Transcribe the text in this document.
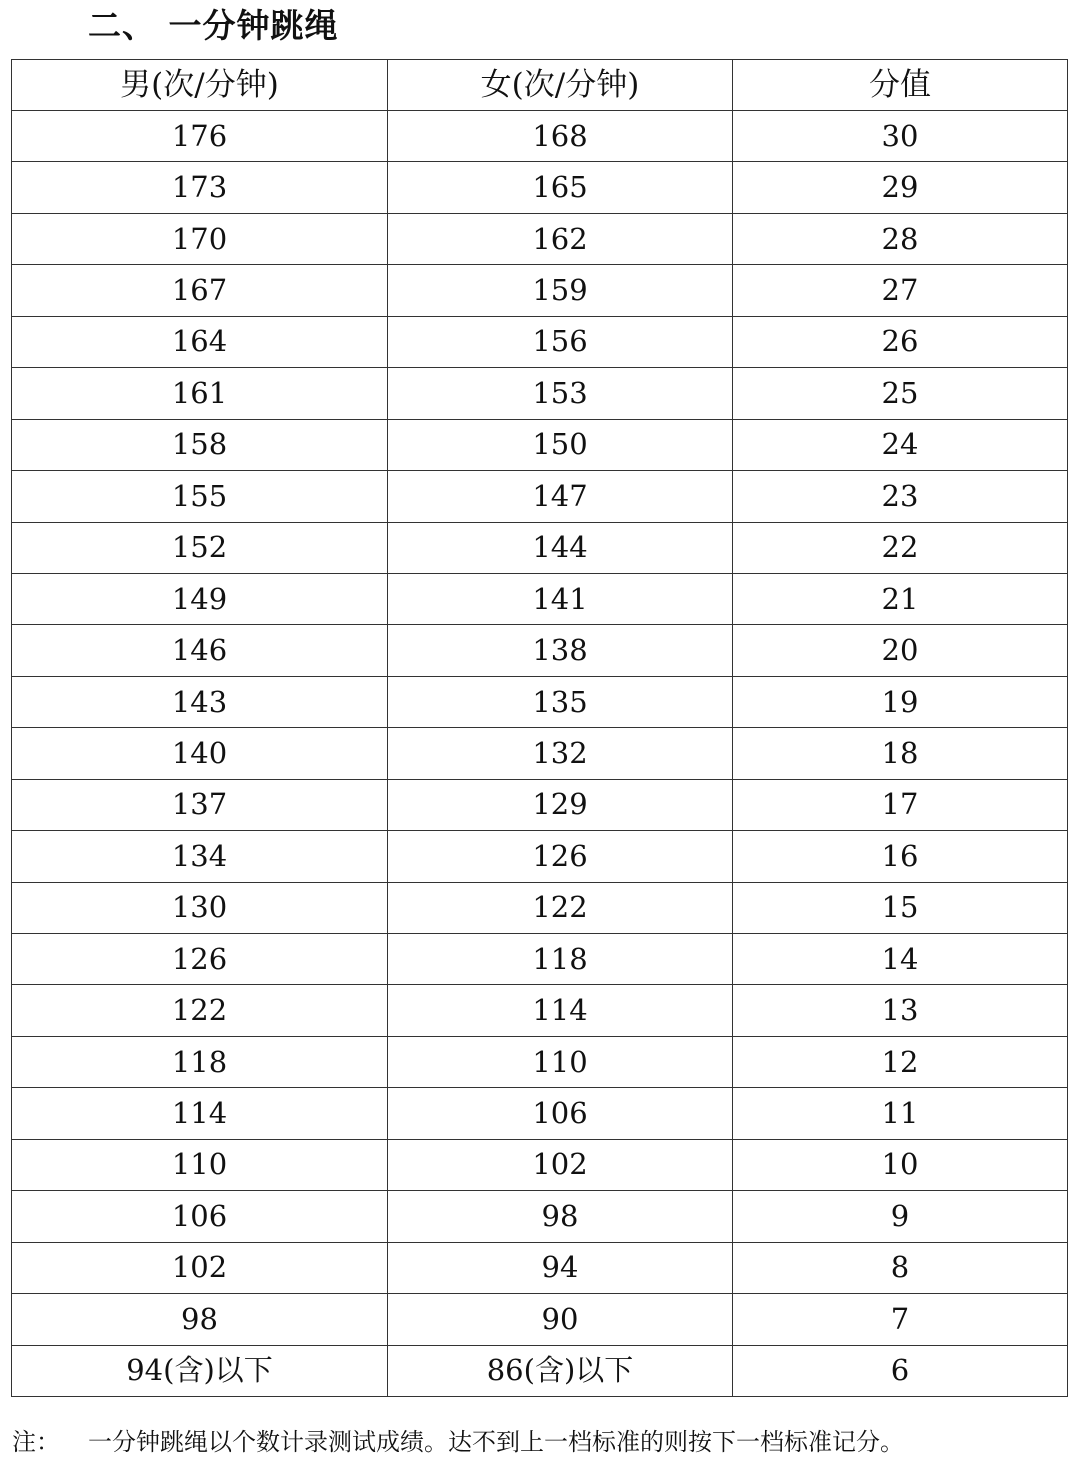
二、 一分钟跳绳
男(次/分钟)	女(次/分钟)	分值
176	168	30
173	165	29
170	162	28
167	159	27
164	156	26
161	153	25
158	150	24
155	147	23
152	144	22
149	141	21
146	138	20
143	135	19
140	132	18
137	129	17
134	126	16
130	122	15
126	118	14
122	114	13
118	110	12
114	106	11
110	102	10
106	98	9
102	94	8
98	90	7
94(含)以下	86(含)以下	6
注： 一分钟跳绳以个数计录测试成绩。达不到上一档标准的则按下一档标准记分。
